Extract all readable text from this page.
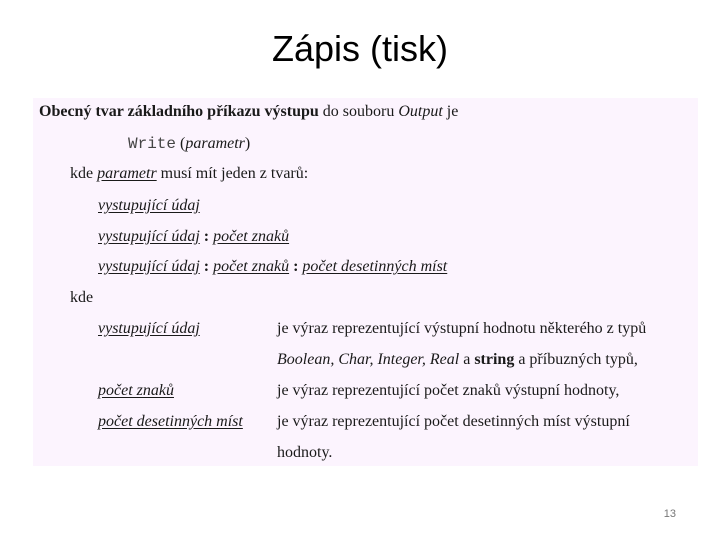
Zápis (tisk)
Obecný tvar základního příkazu výstupu do souboru Output je
Write (parametr)
kde parametr musí mít jeden z tvarů:
vystupující údaj
vystupující údaj : počet znaků
vystupující údaj : počet znaků : počet desetinných míst
kde
vystupující údaj	je výraz reprezentující výstupní hodnotu některého z typů
Boolean, Char, Integer, Real a string a příbuzných typů,
počet znaků	je výraz reprezentující počet znaků výstupní hodnoty,
počet desetinných míst je výraz reprezentující počet desetinných míst výstupní
hodnoty.
13
